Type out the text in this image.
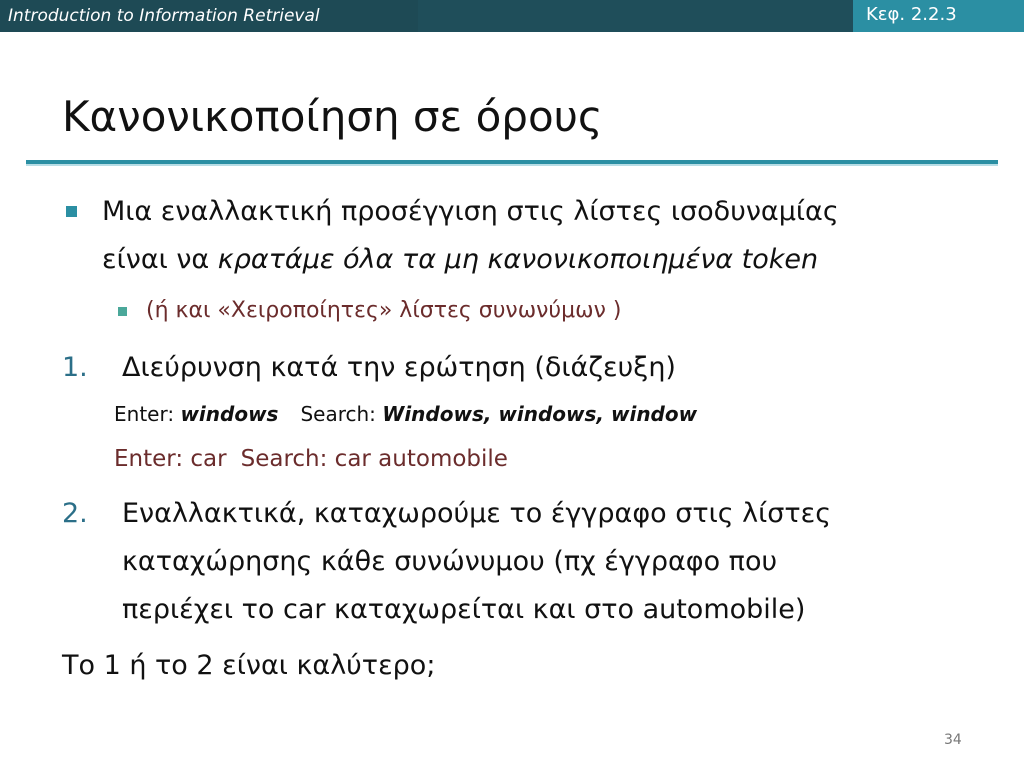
Introduction to Information Retrieval	Κεφ. 2.2.3
Κανονικοποίηση σε όρους
Μια εναλλακτική προσέγγιση στις λίστες ισοδυναμίας
είναι να κρατάμε όλα τα μη κανονικοποιημένα token
(ή και «Χειροποίητες» λίστες συνωνύμων )
1. Διεύρυνση κατά την ερώτηση (διάζευξη)
Enter: windows Search: Windows, windows, window
Enter: car Search: car automobile
2. Εναλλακτικά, καταχωρούμε το έγγραφο στις λίστες
καταχώρησης κάθε συνώνυμου (πχ έγγραφο που
περιέχει το car καταχωρείται και στο automobile)
Το 1 ή το 2 είναι καλύτερο;
34
